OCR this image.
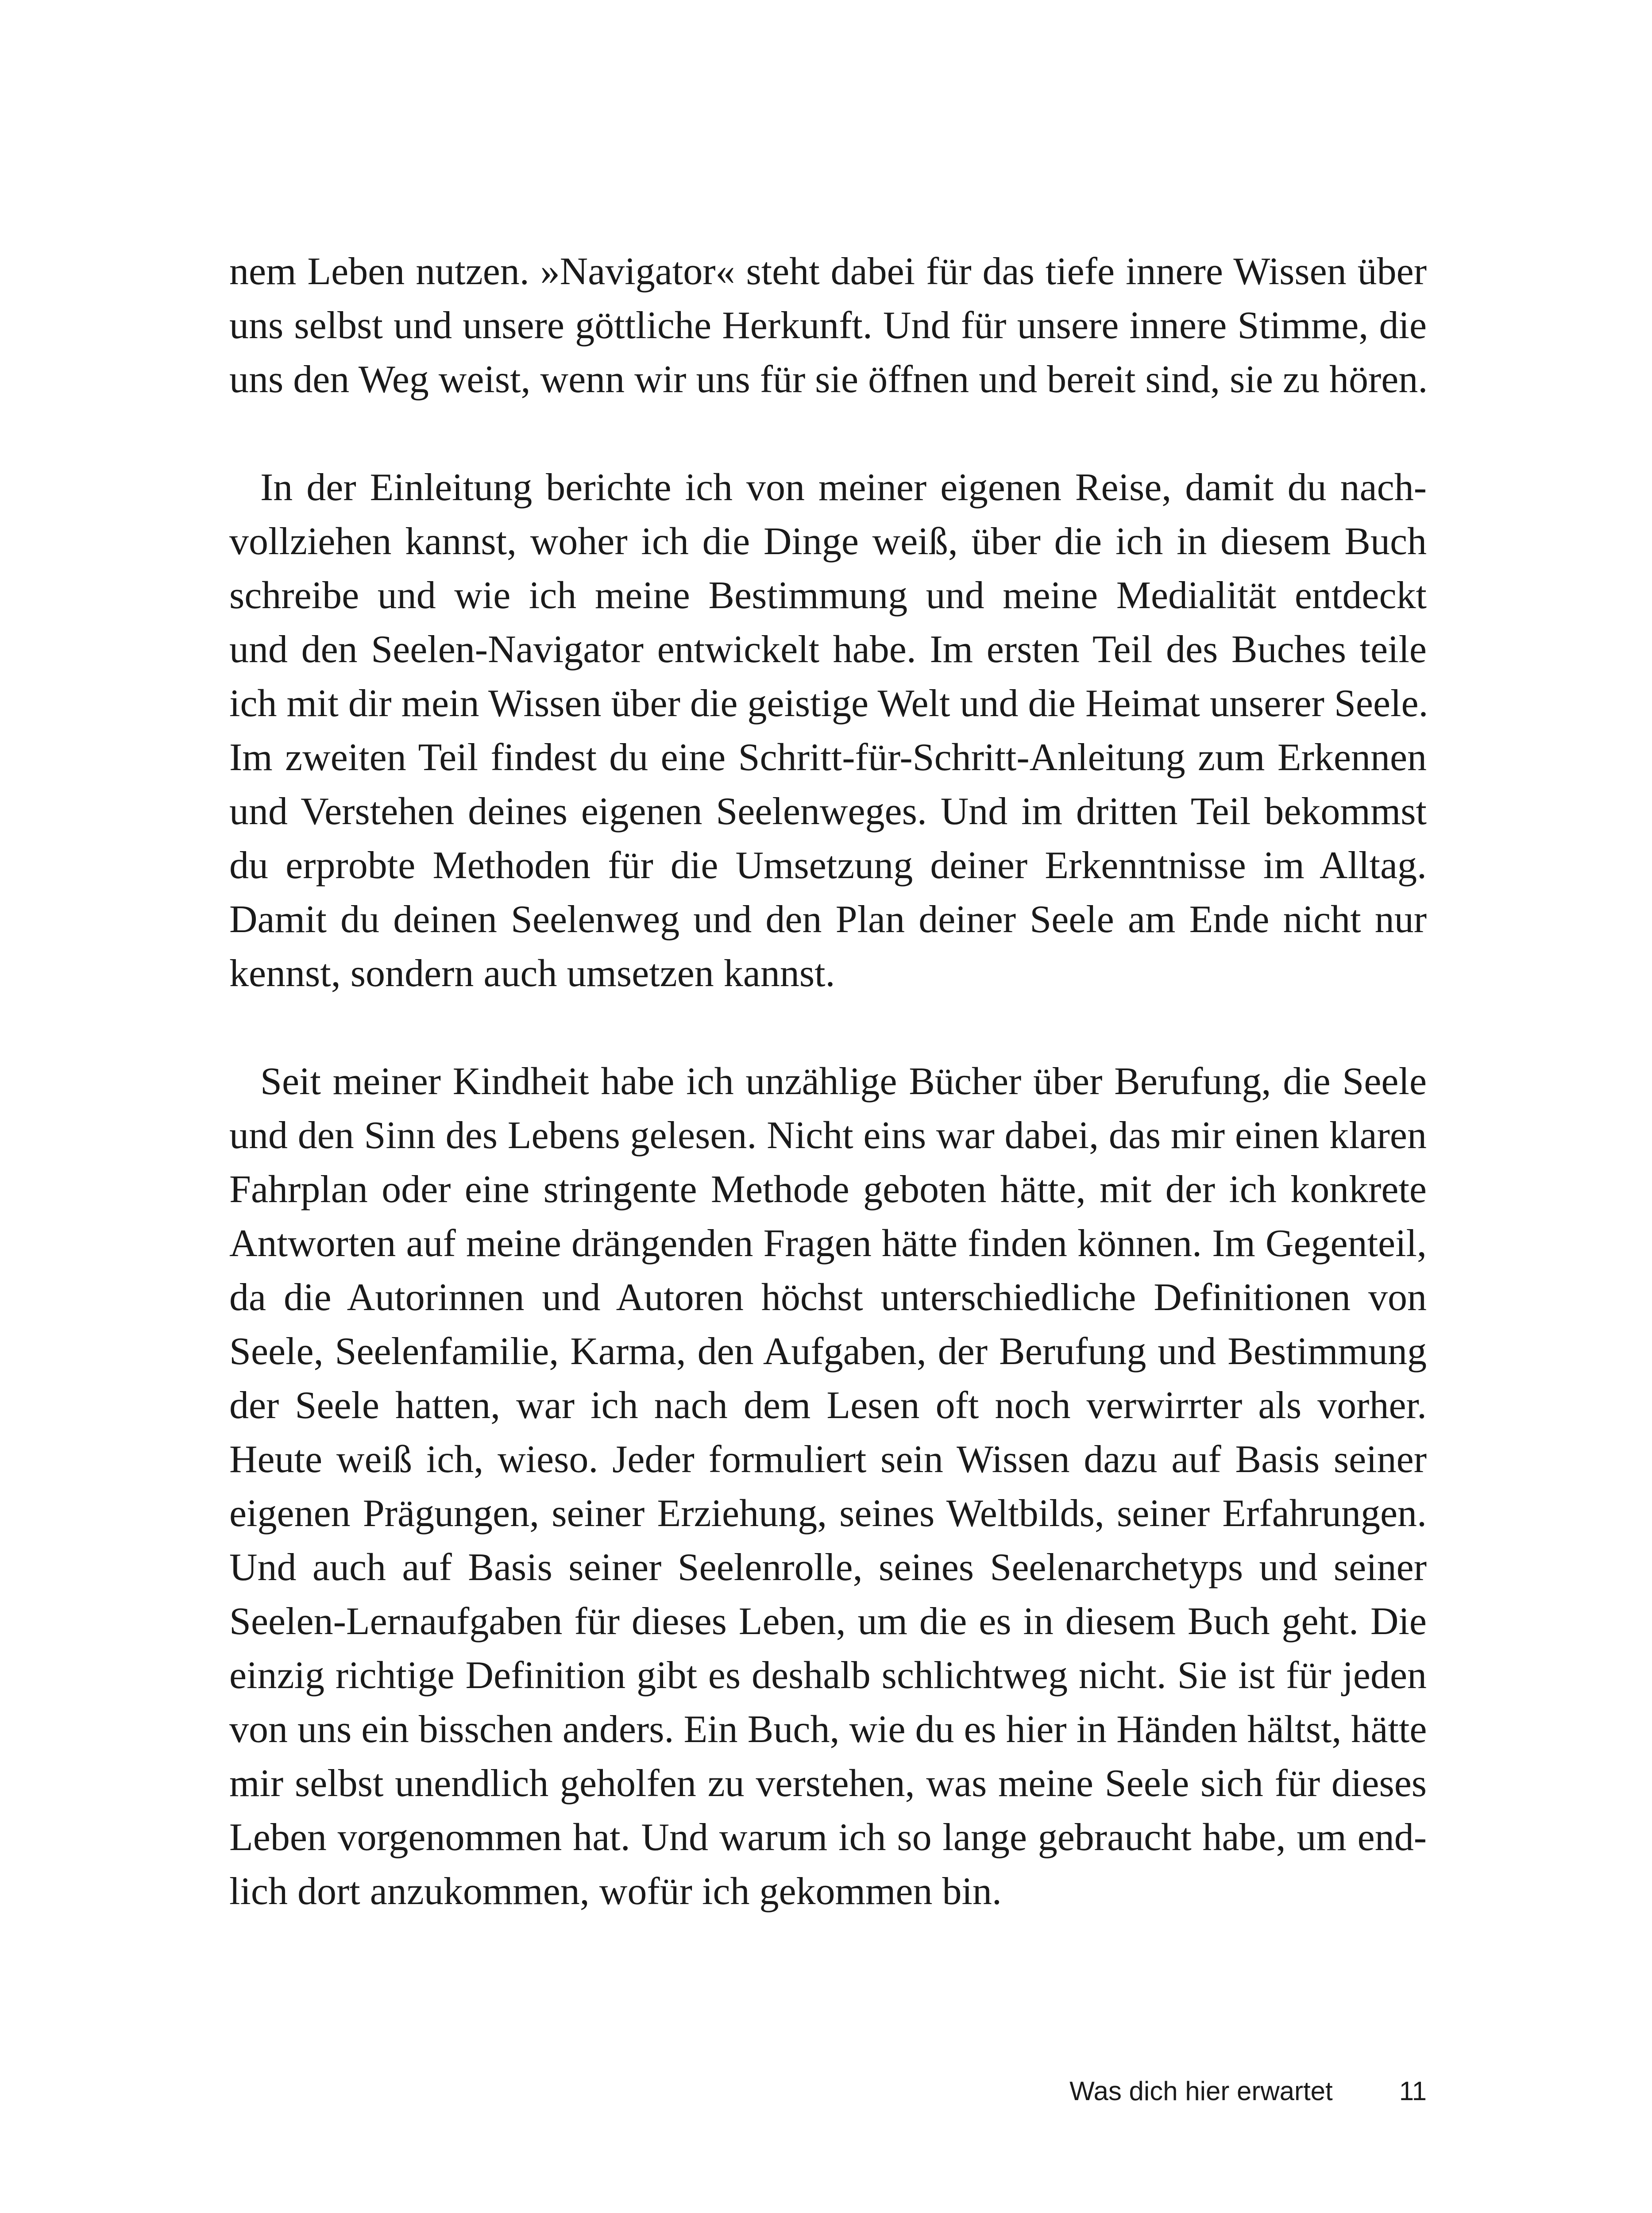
nem Leben nutzen. »Navigator« steht dabei für das tiefe innere Wissen über
uns selbst und unsere göttliche Herkunft. Und für unsere innere Stimme, die
uns den Weg weist, wenn wir uns für sie öffnen und bereit sind, sie zu hören.

In der Einleitung berichte ich von meiner eigenen Reise, damit du nach-
vollziehen kannst, woher ich die Dinge weiß, über die ich in diesem Buch
schreibe und wie ich meine Bestimmung und meine Medialität entdeckt
und den Seelen-Navigator entwickelt habe. Im ersten Teil des Buches teile
ich mit dir mein Wissen über die geistige Welt und die Heimat unserer Seele.
Im zweiten Teil findest du eine Schritt-für-Schritt-Anleitung zum Erkennen
und Verstehen deines eigenen Seelenweges. Und im dritten Teil bekommst
du erprobte Methoden für die Umsetzung deiner Erkenntnisse im Alltag.
Damit du deinen Seelenweg und den Plan deiner Seele am Ende nicht nur
kennst, sondern auch umsetzen kannst.

Seit meiner Kindheit habe ich unzählige Bücher über Berufung, die Seele
und den Sinn des Lebens gelesen. Nicht eins war dabei, das mir einen klaren
Fahrplan oder eine stringente Methode geboten hätte, mit der ich konkrete
Antworten auf meine drängenden Fragen hätte finden können. Im Gegenteil,
da die Autorinnen und Autoren höchst unterschiedliche Definitionen von
Seele, Seelenfamilie, Karma, den Aufgaben, der Berufung und Bestimmung
der Seele hatten, war ich nach dem Lesen oft noch verwirrter als vorher.
Heute weiß ich, wieso. Jeder formuliert sein Wissen dazu auf Basis seiner
eigenen Prägungen, seiner Erziehung, seines Weltbilds, seiner Erfahrungen.
Und auch auf Basis seiner Seelenrolle, seines Seelenarchetyps und seiner
Seelen-Lernaufgaben für dieses Leben, um die es in diesem Buch geht. Die
einzig richtige Definition gibt es deshalb schlichtweg nicht. Sie ist für jeden
von uns ein bisschen anders. Ein Buch, wie du es hier in Händen hältst, hätte
mir selbst unendlich geholfen zu verstehen, was meine Seele sich für dieses
Leben vorgenommen hat. Und warum ich so lange gebraucht habe, um end-
lich dort anzukommen, wofür ich gekommen bin.

Was dich hier erwartet	11
